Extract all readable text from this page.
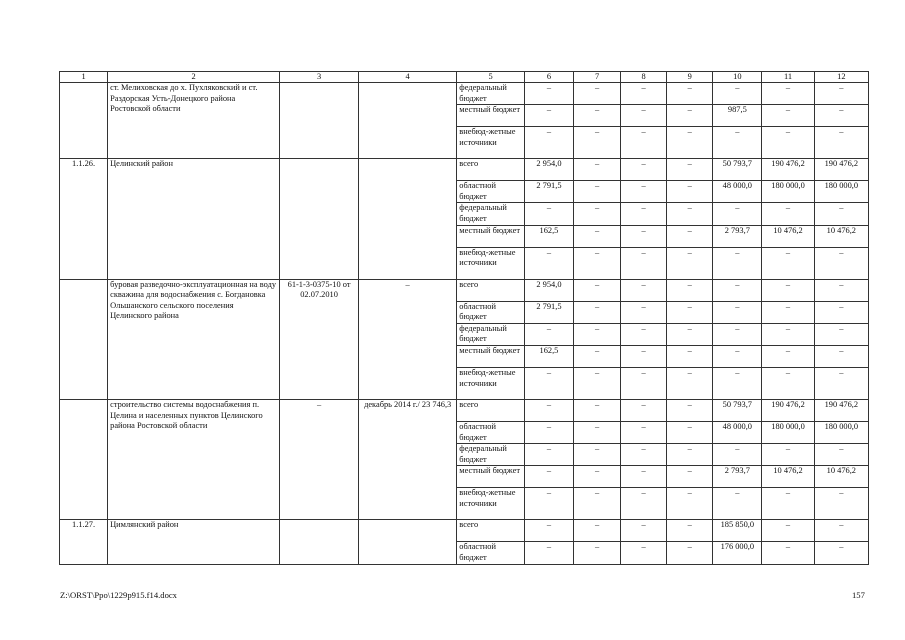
1	2	3	4	5	6	7	8	9	10	11	12
	ст. Мелиховская до х. Пухляковский и ст. Раздорская Усть-Донецкого района Ростовской области			федеральный бюджет	–	–	–	–	–	–	–
				местный бюджет	–	–	–	–	987,5	–	–
				внебюд-жетные источники	–	–	–	–	–	–	–
1.1.26.	Целинский район			всего	2 954,0	–	–	–	50 793,7	190 476,2	190 476,2
				областной бюджет	2 791,5	–	–	–	48 000,0	180 000,0	180 000,0
				федеральный бюджет	–	–	–	–	–	–	–
				местный бюджет	162,5	–	–	–	2 793,7	10 476,2	10 476,2
				внебюд-жетные источники	–	–	–	–	–	–	–
	буровая разведочно-эксплуатационная на воду скважина для водоснабжения с. Богдановка Ольшанского сельского поселения Целинского района	61-1-3-0375-10 от 02.07.2010	–	всего	2 954,0	–	–	–	–	–	–
				областной бюджет	2 791,5	–	–	–	–	–	–
				федеральный бюджет	–	–	–	–	–	–	–
				местный бюджет	162,5	–	–	–	–	–	–
				внебюд-жетные источники	–	–	–	–	–	–	–
	строительство системы водоснабжения п. Целина и населенных пунктов Целинского района Ростовской области	–	декабрь 2014 г./ 23 746,3	всего	–	–	–	–	50 793,7	190 476,2	190 476,2
				областной бюджет	–	–	–	–	48 000,0	180 000,0	180 000,0
				федеральный бюджет	–	–	–	–	–	–	–
				местный бюджет	–	–	–	–	2 793,7	10 476,2	10 476,2
				внебюд-жетные источники	–	–	–	–	–	–	–
1.1.27.	Цимлянский район			всего	–	–	–	–	185 850,0	–	–
				областной бюджет	–	–	–	–	176 000,0	–	–
Z:\ORST\Ppo\1229p915.f14.docx	157
